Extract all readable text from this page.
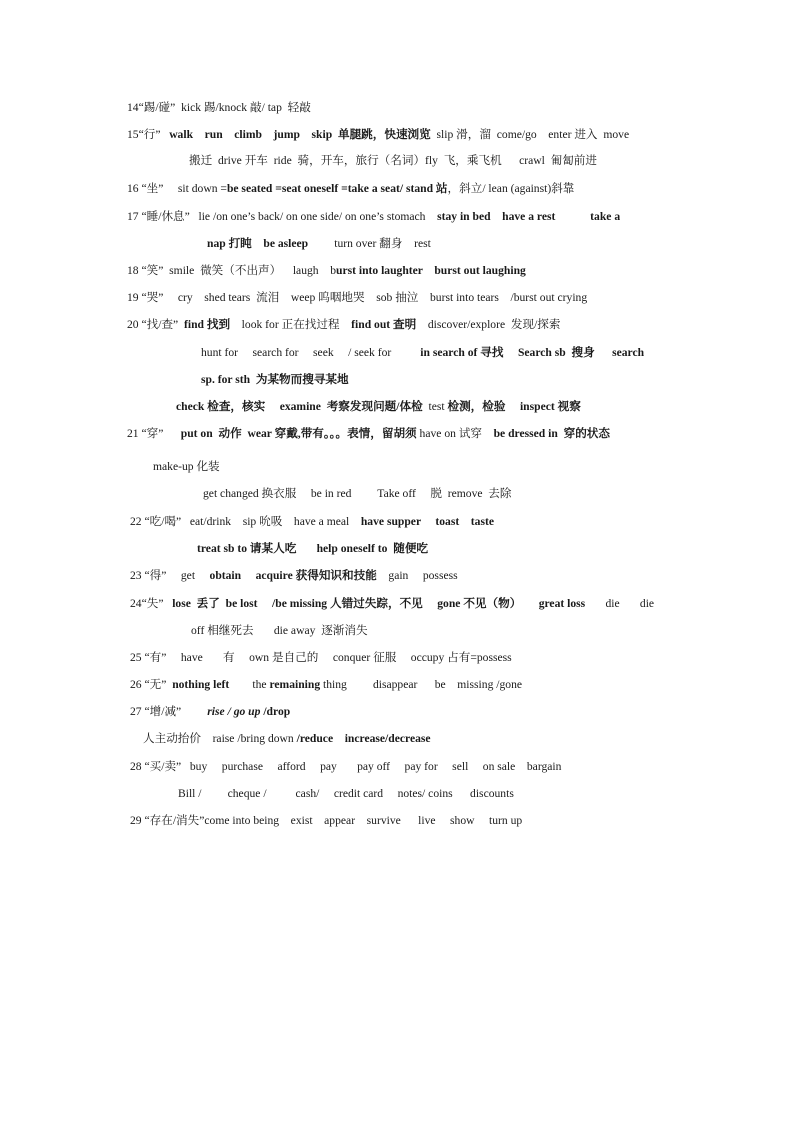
14“踢/碰”  kick 踢/knock 敲/ tap  轻敲
15“行”   walk    run    climb    jump    skip  单腿跳，快速浏览  slip 滑，溜  come/go    enter 进入  move
搬迁  drive 开车  ride  骑，开车，旅行（名词）fly  飞，乘飞机      crawl  匍匐前进
16 “坐”     sit down =be seated =seat oneself =take a seat/ stand 站，斜立/ lean (against)斜靠
17 “睡/休息”   lie /on one’s back/ on one side/ on one’s stomach    stay in bed    have a rest            take a
nap 打盹    be asleep         turn over 翻身    rest
18 “笑”  smile  微笑（不出声）    laugh    burst into laughter    burst out laughing
19 “哭”     cry    shed tears  流泪    weep 呜咽地哭    sob 抽泣    burst into tears    /burst out crying
20 “找/查”  find 找到    look for 正在找过程    find out 查明    discover/explore  发现/探索
hunt for     search for     seek     / seek for          in search of 寻找     Search sb  搜身      search
sp. for sth  为某物而搜寻某地
check 检查，核实     examine  考察发现问题/体检  test 检测，检验     inspect 视察
21 “穿”      put on  动作  wear 穿戴,带有。。。表情，留胡须 have on 试穿    be dressed in  穿的状态
make-up 化装
get changed 换衣服     be in red         Take off     脱  remove  去除
22 “吃/喝”   eat/drink    sip 吮吸    have a meal    have supper     toast    taste
treat sb to 请某人吃       help oneself to  随便吃
23 “得”     get     obtain     acquire 获得知识和技能    gain     possess
24“失”   lose  丢了  be lost     /be missing 人错过失踪，不见     gone 不见（物）      great loss       die       die
off 相继死去       die away  逐渐消失
25 “有”     have       有     own 是自己的     conquer 征服     occupy 占有=possess
26 “无”  nothing left        the remaining thing         disappear      be    missing /gone
27 “增/减”         rise / go up /drop
人主动抬价    raise /bring down /reduce    increase/decrease
28 “买/卖”   buy     purchase     afford     pay       pay off     pay for     sell     on sale    bargain
Bill /         cheque /          cash/     credit card     notes/ coins      discounts
29 “存在/消失”come into being    exist    appear    survive      live     show     turn up
